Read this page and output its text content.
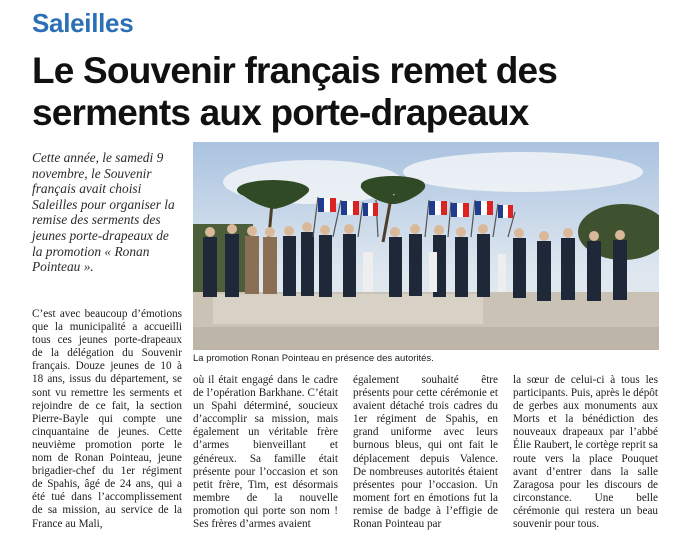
Saleilles
Le Souvenir français remet des serments aux porte-drapeaux
Cette année, le samedi 9 novembre, le Souvenir français avait choisi Saleilles pour organiser la remise des serments des jeunes porte-drapeaux de la promotion « Ronan Pointeau ».
La promotion Ronan Pointeau en présence des autorités.

C’est avec beaucoup d’émotions que la municipalité a accueilli tous ces jeunes porte-drapeaux de la délégation du Souvenir français. Douze jeunes de 10 à 18 ans, issus du département, se sont vu remettre les serments et rejoindre de ce fait, la section Pierre-Bayle qui compte une cinquantaine de jeunes. Cette neuvième promotion porte le nom de Ronan Pointeau, jeune brigadier-chef du 1er régiment de Spahis, âgé de 24 ans, qui a été tué dans l’accomplissement de sa mission, au service de la France au Mali,

où il était engagé dans le cadre de l’opération Barkhane. C’était un Spahi déterminé, soucieux d’accomplir sa mission, mais également un véritable frère d’armes bienveillant et généreux. Sa famille était présente pour l’occasion et son petit frère, Tim, est désormais membre de la nouvelle promotion qui porte son nom ! Ses frères d’armes avaient

également souhaité être présents pour cette cérémonie et avaient détaché trois cadres du 1er régiment de Spahis, en grand uniforme avec leurs burnous bleus, qui ont fait le déplacement depuis Valence. De nombreuses autorités étaient présentes pour l’occasion. Un moment fort en émotions fut la remise de badge à l’effigie de Ronan Pointeau par

la sœur de celui-ci à tous les participants. Puis, après le dépôt de gerbes aux monuments aux Morts et la bénédiction des nouveaux drapeaux par l’abbé Élie Raubert, le cortège reprit sa route vers la place Pouquet avant d’entrer dans la salle Zaragosa pour les discours de circonstance. Une belle cérémonie qui restera un beau souvenir pour tous.
